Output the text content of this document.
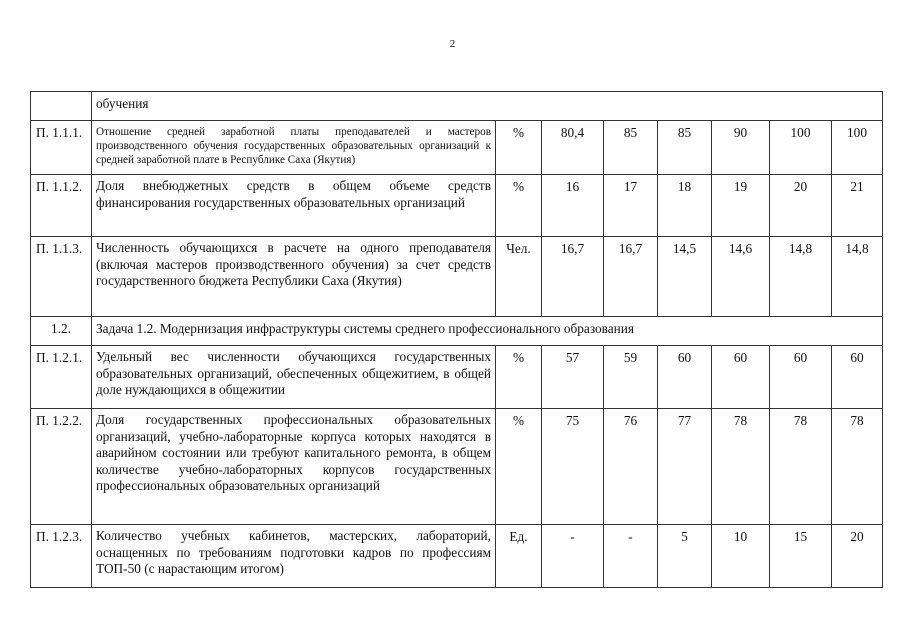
2
	обучения							
П. 1.1.1.	Отношение средней заработной платы преподавателей и мастеров производственного обучения государственных образовательных организаций к средней заработной плате в Республике Саха (Якутия)	%	80,4	85	85	90	100	100
П. 1.1.2.	Доля внебюджетных средств в общем объеме средств финансирования государственных образовательных организаций	%	16	17	18	19	20	21
П. 1.1.3.	Численность обучающихся в расчете на одного преподавателя (включая мастеров производственного обучения) за счет средств государственного бюджета Республики Саха (Якутия)	Чел.	16,7	16,7	14,5	14,6	14,8	14,8
1.2.	Задача 1.2. Модернизация инфраструктуры системы среднего профессионального образования							
П. 1.2.1.	Удельный вес численности обучающихся государственных образовательных организаций, обеспеченных общежитием, в общей доле нуждающихся в общежитии	%	57	59	60	60	60	60
П. 1.2.2.	Доля государственных профессиональных образовательных организаций, учебно-лабораторные корпуса которых находятся в аварийном состоянии или требуют капитального ремонта, в общем количестве учебно-лабораторных корпусов государственных профессиональных образовательных организаций	%	75	76	77	78	78	78
П. 1.2.3.	Количество учебных кабинетов, мастерских, лабораторий, оснащенных по требованиям подготовки кадров по профессиям ТОП-50 (с нарастающим итогом)	Ед.	-	-	5	10	15	20
